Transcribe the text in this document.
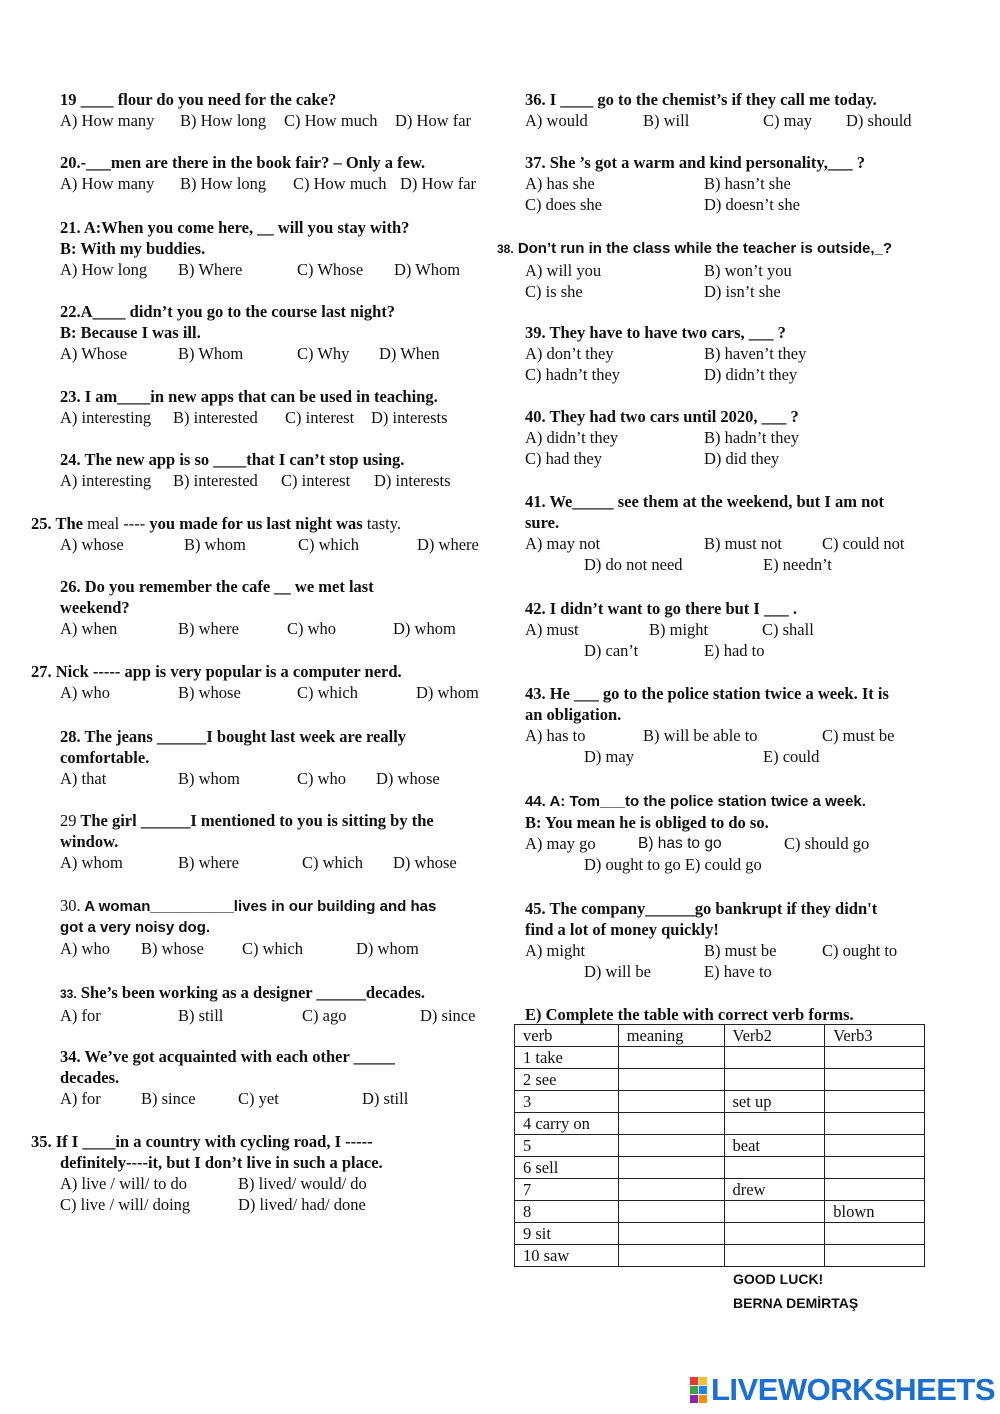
19 ____ flour do you need for the cake?
A) How many	B) How long	C) How much	D) How far
20.-___men are there in the book fair? – Only a few.
A) How many	B) How long	C) How much D) How far
21. A:When you come here, __ will you stay with?
B: With my buddies.
A) How long	B) Where	C) Whose	D) Whom
22.A____ didn’t you go to the course last night?
B: Because I was ill.
A) Whose	B) Whom	C) Why	D) When
23. I am____in new apps that can be used in teaching.
A) interesting	B) interested	C) interest	D) interests
24. The new app is so ____that I can’t stop using.
A) interesting	B) interested	C) interest	D) interests
25. The meal ---- you made for us last night was tasty.
A) whose	B) whom	C) which	D) where
26. Do you remember the cafe __ we met last
weekend?
A) when	B) where	C) who	D) whom
27. Nick ----- app is very popular is a computer nerd.
A) who	B) whose	C) which	D) whom
28. The jeans ______I bought last week are really
comfortable.
A) that	B) whom	C) who	D) whose
29 The girl ______I mentioned to you is sitting by the
window.
A) whom	B) where	C) which	D) whose
30. A woman__________lives in our building and has
got a very noisy dog.
A) who	B) whose	C) which	D) whom
33. She’s been working as a designer ______decades.
A) for	B) still	C) ago	D) since
34. We’ve got acquainted with each other _____
decades.
A) for	B) since	C) yet	D) still
35. If I ____in a country with cycling road, I -----
definitely----it, but I don’t live in such a place.
A) live / will/ to do	B) lived/ would/ do
C) live / will/ doing	D) lived/ had/ done
36. I ____ go to the chemist’s if they call me today.
A) would	B) will	C) may	D) should
37. She ’s got a warm and kind personality,___ ?
A) has she	B) hasn’t she
C) does she	D) doesn’t she
38. Don’t run in the class while the teacher is outside,_?
A) will you	B) won’t you
C) is she	D) isn’t she
39. They have to have two cars, ___ ?
A) don’t they	B) haven’t they
C) hadn’t they	D) didn’t they
40. They had two cars until 2020, ___ ?
A) didn’t they	B) hadn’t they
C) had they	D) did they
41. We_____ see them at the weekend, but I am not
sure.
A) may not	B) must not	C) could not
D) do not need	E) needn’t
42. I didn’t want to go there but I ___ .
A) must	B) might	C) shall
D) can’t	E) had to
43. He ___ go to the police station twice a week. It is
an obligation.
A) has to	B) will be able to	C) must be
D) may	E) could
44. A: Tom___to the police station twice a week.
B: You mean he is obliged to do so.
A) may go	B) has to go	C) should go
D) ought to go E) could go
45. The company______go bankrupt if they didn't
find a lot of money quickly!
A) might	B) must be	C) ought to
D) will be	E) have to
E) Complete the table with correct verb forms.
verb	meaning	Verb2	Verb3
1 take			
2 see			
3		set up	
4 carry on			
5		beat	
6 sell			
7		drew	
8			blown
9 sit			
10 saw			
GOOD LUCK!
BERNA DEMİRTAŞ
LIVEWORKSHEETS
